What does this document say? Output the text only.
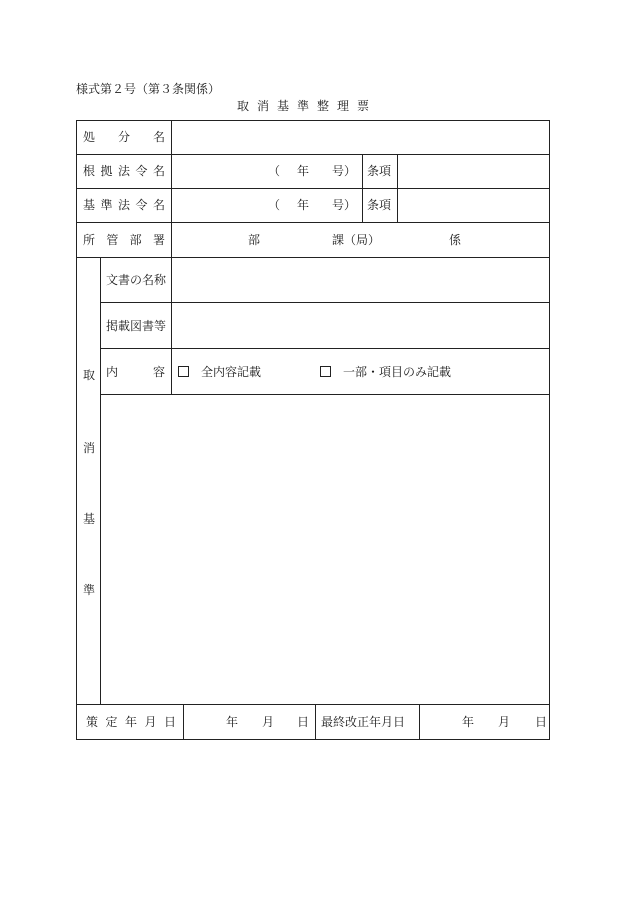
様式第２号（第３条関係）
取消基準整理票
処 分 名
根 拠 法 令 名	（ 年 号） 条項
基 準 法 令 名	（ 年 号） 条項
所 管 部 署	部	課（局）	係
取
消
基
準
文書の名称
掲載図書等
内	容	全内容記載	一部・項目のみ記載
策 定 年 月 日	年 月 日 最終改正年月日	年 月 日
